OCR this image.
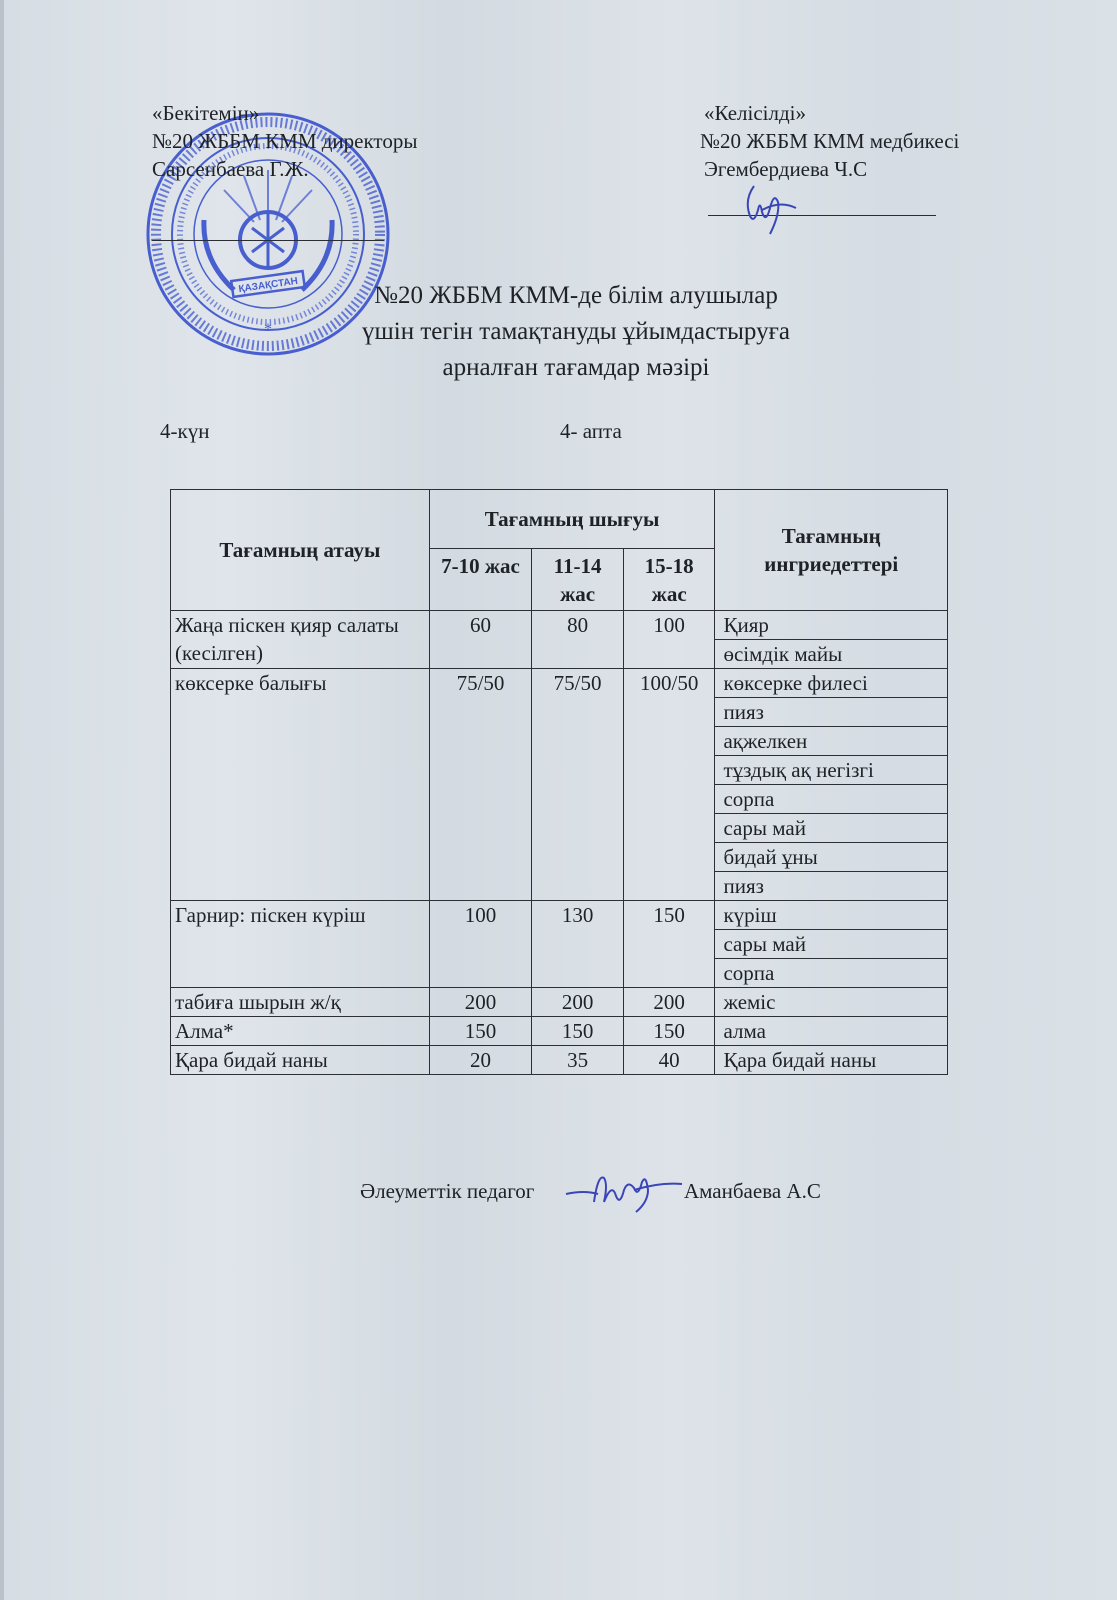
ҚАЗАҚСТАН
*
«Бекітемін»
№20 ЖББМ КММ директоры
Сарсенбаева Г.Ж.
«Келісілді»
№20 ЖББМ КММ медбикесі
Эгембердиева Ч.С
№20 ЖББМ КММ-де білім алушылар
үшін тегін тамақтануды ұйымдастыруға
арналған тағамдар мәзірі
4-күн	4- апта
Тағамның атауы	Тағамның шығуы			Тағамның ингриедеттері
	7-10 жас	11-14 жас	15-18 жас	
Жаңа піскен қияр салаты (кесілген)	60	80	100	Қияр
				өсімдік майы
көксерке балығы	75/50	75/50	100/50	көксерке филесі
				пияз
				ақжелкен
				тұздық ақ негізгі
				сорпа
				сары май
				бидай ұны
				пияз
Гарнир: піскен күріш	100	130	150	күріш
				сары май
				сорпа
табиға шырын ж/қ	200	200	200	жеміс
Алма*	150	150	150	алма
Қара бидай наны	20	35	40	Қара бидай наны
Әлеуметтік педагог	Аманбаева А.С
